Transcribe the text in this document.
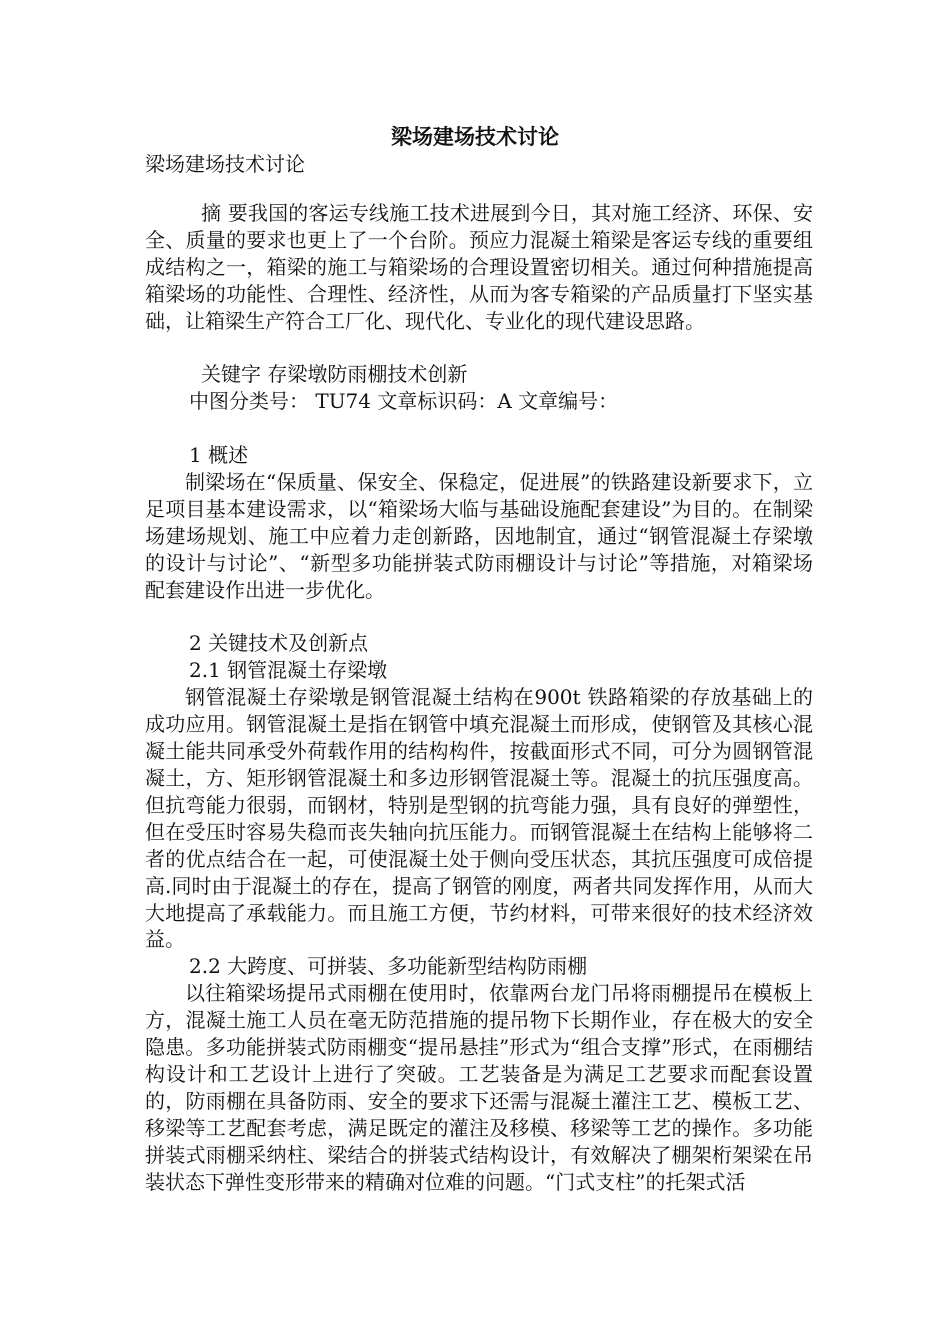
梁场建场技术讨论
梁场建场技术讨论

摘 要我国的客运专线施工技术进展到今日，其对施工经济、环保、安全、质量的要求也更上了一个台阶。预应力混凝土箱梁是客运专线的重要组成结构之一，箱梁的施工与箱梁场的合理设置密切相关。通过何种措施提高箱梁场的功能性、合理性、经济性，从而为客专箱梁的产品质量打下坚实基础，让箱梁生产符合工厂化、现代化、专业化的现代建设思路。

关键字 存梁墩防雨棚技术创新

中图分类号： TU74 文章标识码：A 文章编号：

1 概述

制梁场在“保质量、保安全、保稳定，促进展”的铁路建设新要求下，立足项目基本建设需求，以“箱梁场大临与基础设施配套建设”为目的。在制梁场建场规划、施工中应着力走创新路，因地制宜，通过“钢管混凝土存梁墩的设计与讨论”、“新型多功能拼装式防雨棚设计与讨论”等措施，对箱梁场配套建设作出进一步优化。

2 关键技术及创新点

2.1 钢管混凝土存梁墩

钢管混凝土存梁墩是钢管混凝土结构在900t 铁路箱梁的存放基础上的成功应用。钢管混凝土是指在钢管中填充混凝土而形成，使钢管及其核心混凝土能共同承受外荷载作用的结构构件，按截面形式不同，可分为圆钢管混凝土，方、矩形钢管混凝土和多边形钢管混凝土等。混凝土的抗压强度高。但抗弯能力很弱，而钢材，特别是型钢的抗弯能力强，具有良好的弹塑性，但在受压时容易失稳而丧失轴向抗压能力。而钢管混凝土在结构上能够将二者的优点结合在一起，可使混凝土处于侧向受压状态，其抗压强度可成倍提高.同时由于混凝土的存在，提高了钢管的刚度，两者共同发挥作用，从而大大地提高了承载能力。而且施工方便，节约材料，可带来很好的技术经济效益。

2.2 大跨度、可拼装、多功能新型结构防雨棚

以往箱梁场提吊式雨棚在使用时，依靠两台龙门吊将雨棚提吊在模板上方，混凝土施工人员在毫无防范措施的提吊物下长期作业，存在极大的安全隐患。多功能拼装式防雨棚变“提吊悬挂”形式为“组合支撑”形式，在雨棚结构设计和工艺设计上进行了突破。工艺装备是为满足工艺要求而配套设置的，防雨棚在具备防雨、安全的要求下还需与混凝土灌注工艺、模板工艺、移梁等工艺配套考虑，满足既定的灌注及移模、移梁等工艺的操作。多功能拼装式雨棚采纳柱、梁结合的拼装式结构设计，有效解决了棚架桁架梁在吊装状态下弹性变形带来的精确对位难的问题。“门式支柱”的托架式活
